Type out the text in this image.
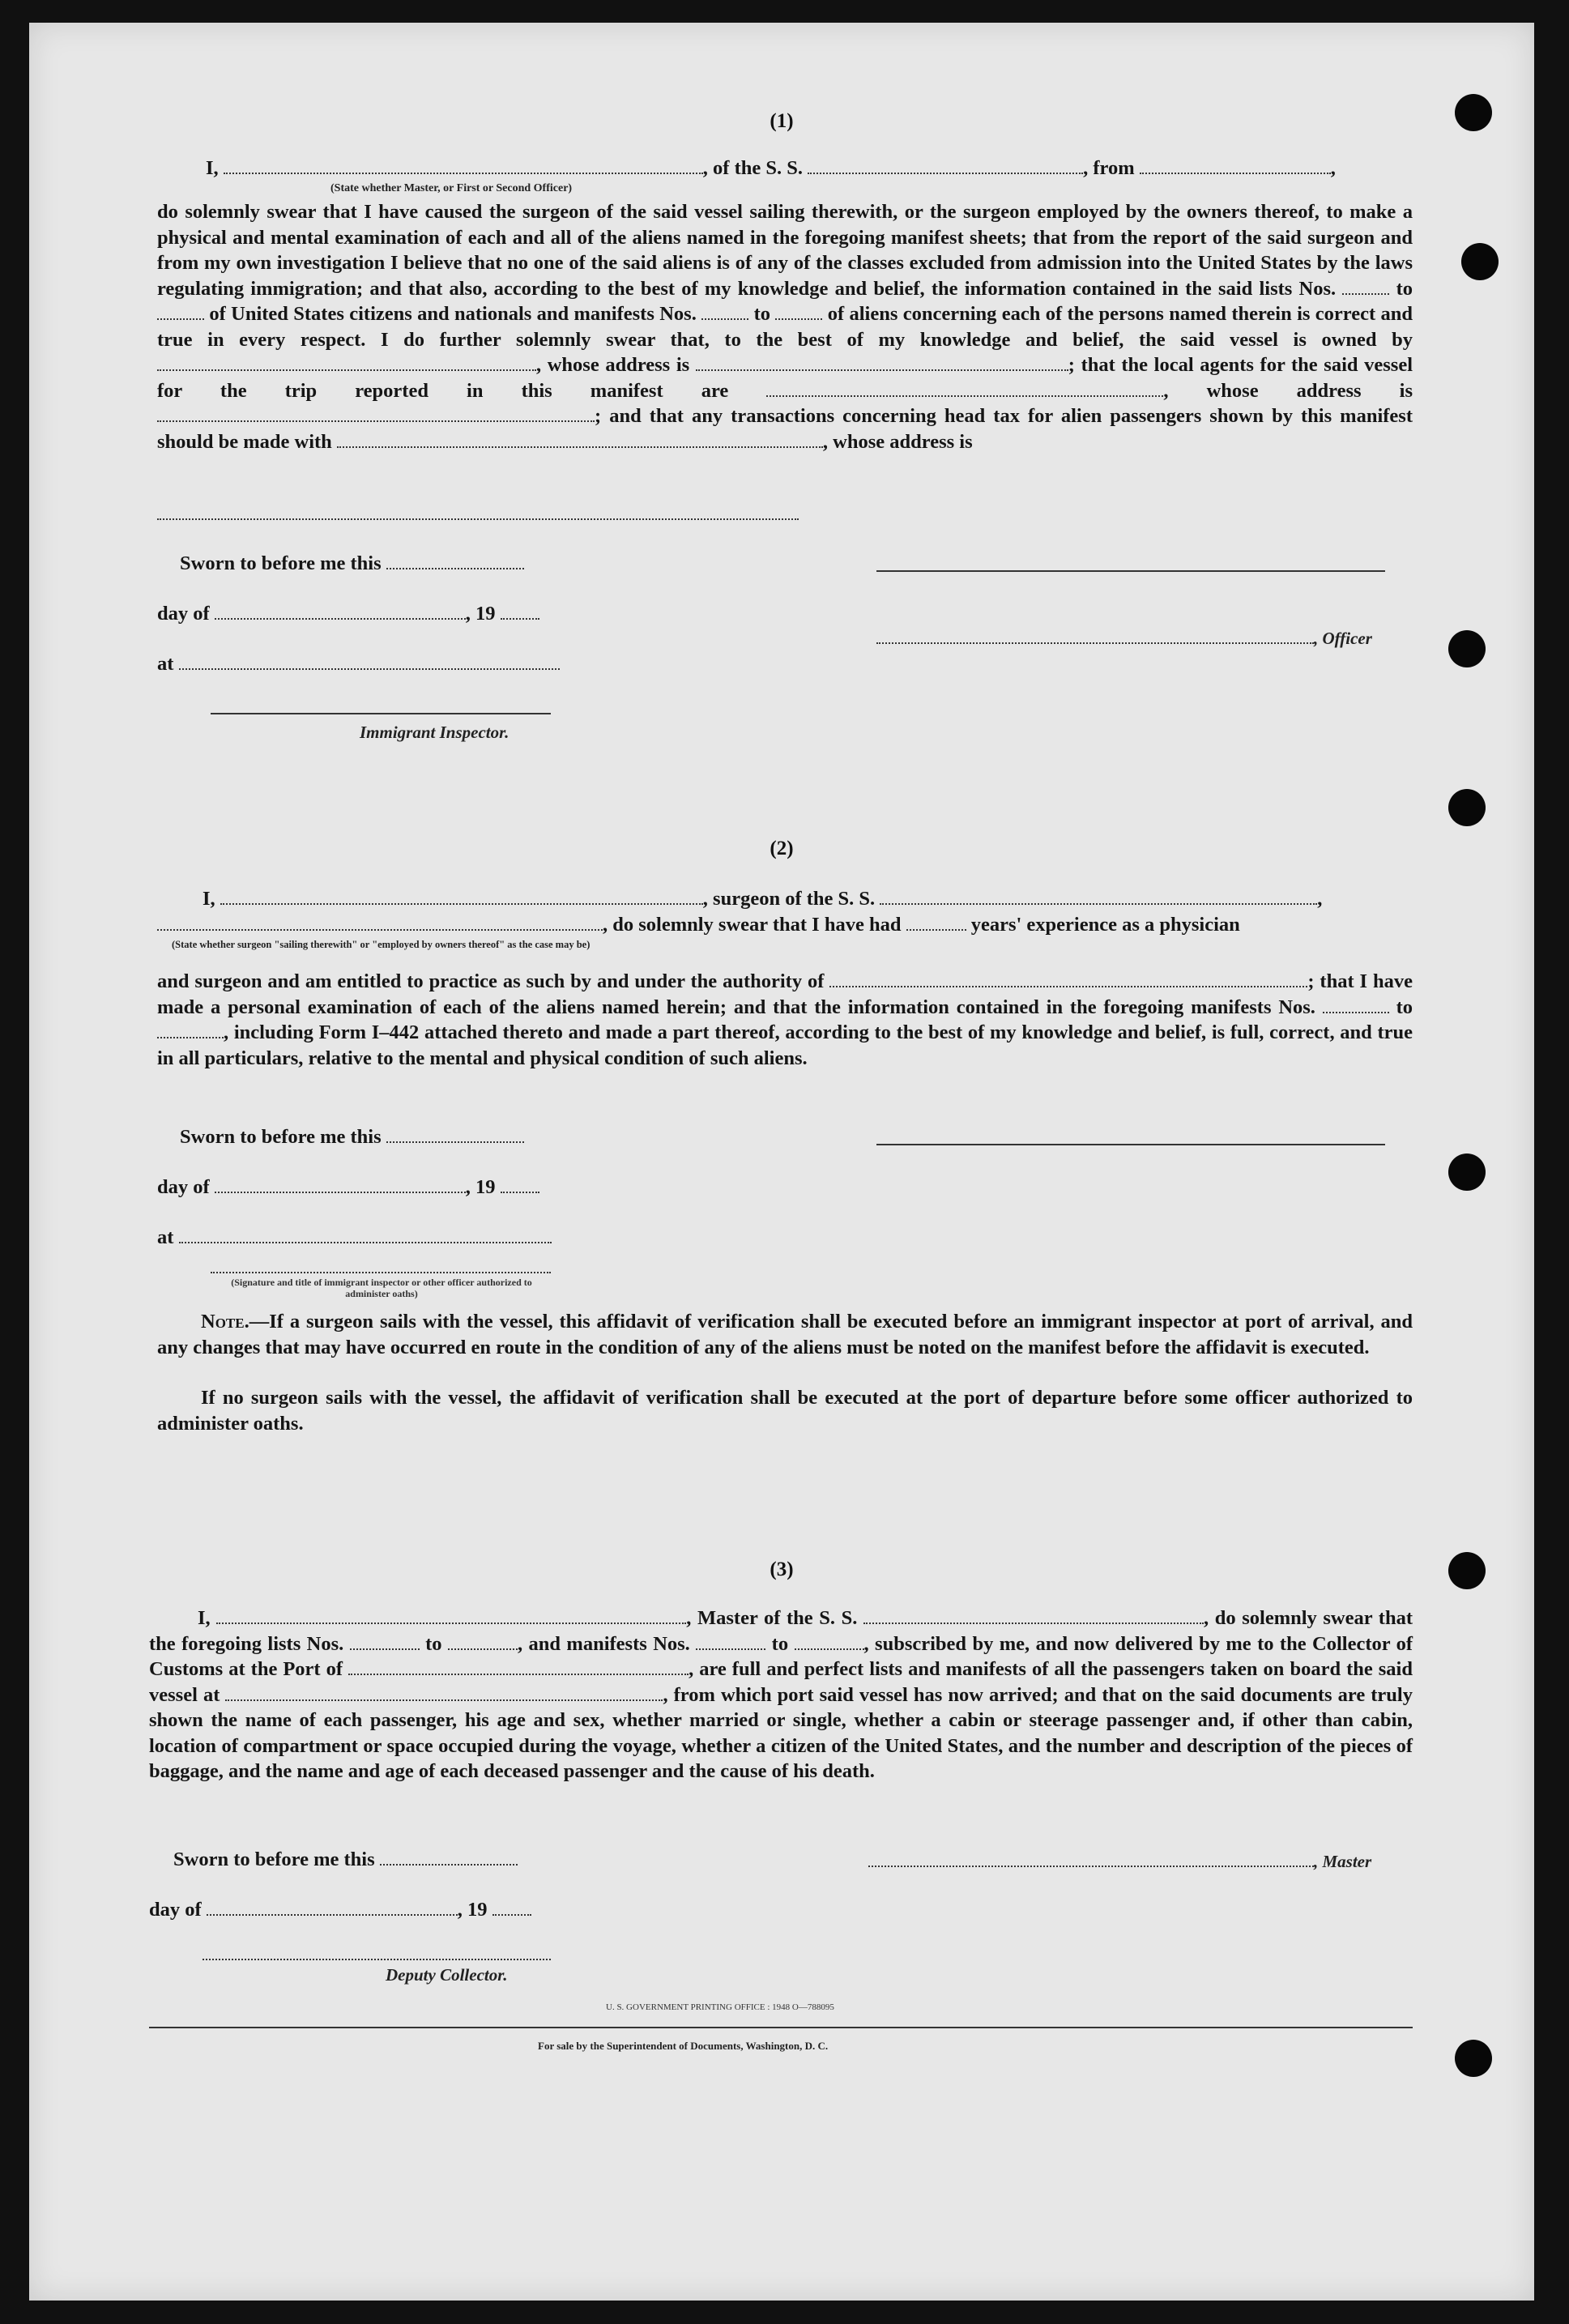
(1)
I,	, of the S. S.	, from	,
(State whether Master, or First or Second Officer)
do solemnly swear that I have caused the surgeon of the said vessel sailing therewith, or the surgeon employed by the owners thereof, to make a physical and mental examination of each and all of the aliens named in the foregoing manifest sheets; that from the report of the said surgeon and from my own investigation I believe that no one of the said aliens is of any of the classes excluded from admission into the United States by the laws regulating immigration; and that also, according to the best of my knowledge and belief, the information contained in the said lists Nos.	to  of United States citizens and nationals and manifests Nos.	to	of aliens concerning each of the persons named therein is correct and true in every respect. I do further solemnly swear that, to the best of my knowledge and belief, the said vessel is owned by , whose address is	; that the local agents for the said vessel for the trip reported in this manifest are	, whose address is ; and that any transactions concerning head tax for alien passengers shown by this manifest should be made with	, whose address is
Sworn to before me this
day of	, 19
, Officer
at
Immigrant Inspector.
(2)
I,	, surgeon of the S. S.	,
, do solemnly swear that I have had	years' experience as a physician
(State whether surgeon "sailing therewith" or "employed by owners thereof" as the case may be)
and surgeon and am entitled to practice as such by and under the authority of	; that I have made a personal examination of each of the aliens named herein; and that the information contained in the foregoing manifests Nos.	to , including Form I–442 attached thereto and made a part thereof, according to the best of my knowledge and belief, is full, correct, and true in all particulars, relative to the mental and physical condition of such aliens.
Sworn to before me this
day of	, 19
at
(Signature and title of immigrant inspector or other officer authorized to administer oaths)
Note.—If a surgeon sails with the vessel, this affidavit of verification shall be executed before an immigrant inspector at port of arrival, and any changes that may have occurred en route in the condition of any of the aliens must be noted on the manifest before the affidavit is executed.
If no surgeon sails with the vessel, the affidavit of verification shall be executed at the port of departure before some officer authorized to administer oaths.
(3)
I,	, Master of the S. S.	, do solemnly swear that the foregoing lists Nos.	to	, and manifests Nos.	to	, subscribed by me, and now delivered by me to the Collector of Customs at the Port of	, are full and perfect lists and manifests of all the passengers taken on board the said vessel at	, from which port said vessel has now arrived; and that on the said documents are truly shown the name of each passenger, his age and sex, whether married or single, whether a cabin or steerage passenger and, if other than cabin, location of compartment or space occupied during the voyage, whether a citizen of the United States, and the number and description of the pieces of baggage, and the name and age of each deceased passenger and the cause of his death.
Sworn to before me this	, Master
day of	, 19
Deputy Collector.
U. S. GOVERNMENT PRINTING OFFICE : 1948 O—788095
For sale by the Superintendent of Documents, Washington, D. C.
